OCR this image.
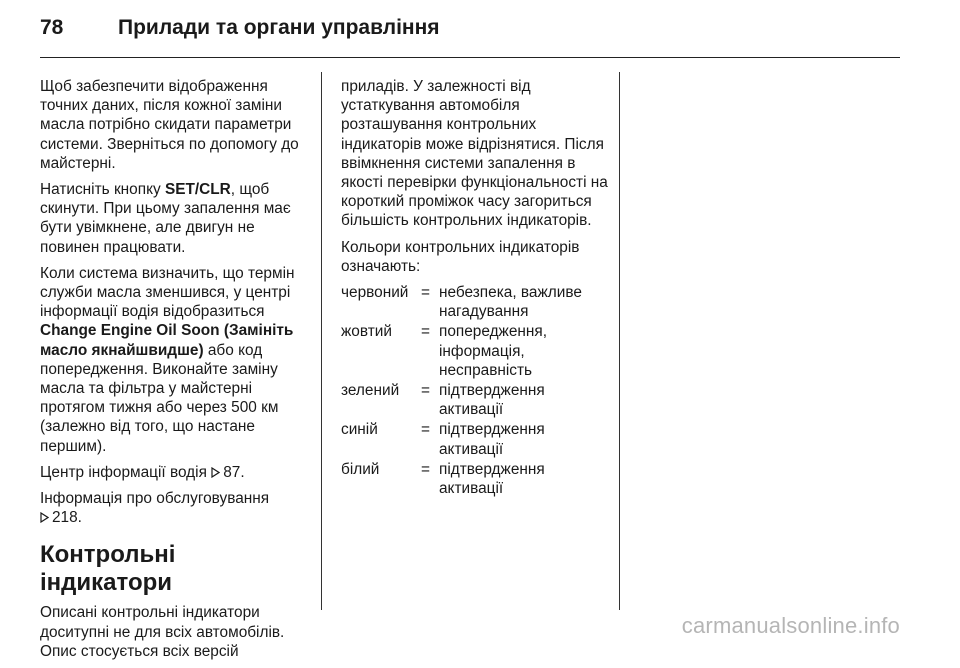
78	Прилади та органи управління

Щоб забезпечити відображення точних даних, після кожної заміни масла потрібно скидати параметри системи. Зверніться по допомогу до майстерні.

Натисніть кнопку SET/CLR, щоб скинути. При цьому запалення має бути увімкнене, але двигун не повинен працювати.

Коли система визначить, що термін служби масла зменшився, у центрі інформації водія відобразиться Change Engine Oil Soon (Замініть масло якнайшвидше) або код попередження. Виконайте заміну масла та фільтра у майстерні протягом тижня або через 500 км (залежно від того, що настане першим).

Центр інформації водія
87.

Інформація про обслуговування

218.

Контрольні індикатори

Описані контрольні індикатори доситупні не для всіх автомобілів. Опис стосується всіх версій

приладів. У залежності від устаткування автомобіля розташування контрольних індикаторів може відрізнятися. Після ввімкнення системи запалення в якості перевірки функціональності на короткий проміжок часу загориться більшість контрольних індикаторів.

Кольори контрольних індикаторів означають:

червоний	=	небезпека, важливе нагадування
жовтий	=	попередження, інформація, несправність
зелений	=	підтвердження активації
синій	=	підтвердження активації
білий	=	підтвердження активації
carmanualsonline.info
